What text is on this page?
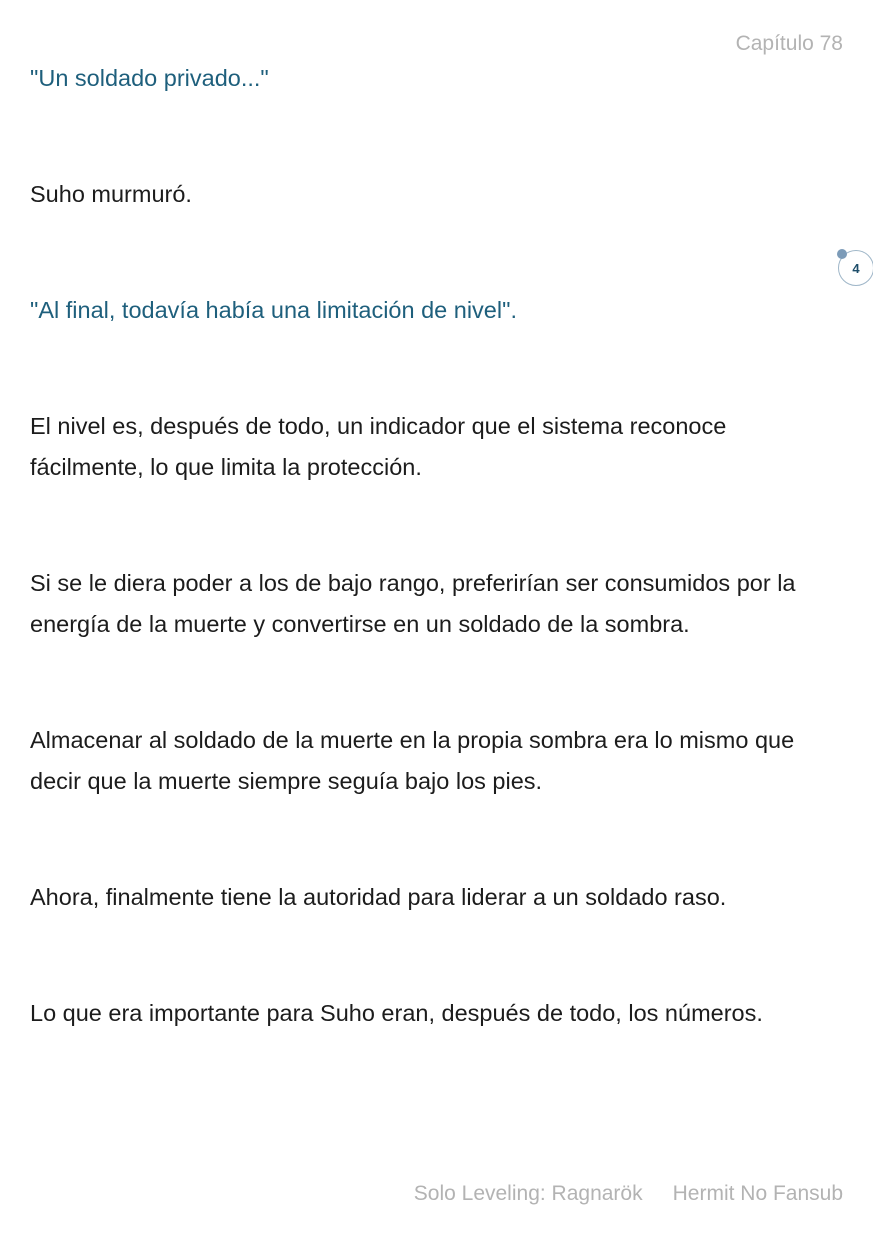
Capítulo 78

"Un soldado privado..."

Suho murmuró.

"Al final, todavía había una limitación de nivel".

El nivel es, después de todo, un indicador que el sistema reconoce fácilmente, lo que limita la protección.

Si se le diera poder a los de bajo rango, preferirían ser consumidos por la energía de la muerte y convertirse en un soldado de la sombra.

Almacenar al soldado de la muerte en la propia sombra era lo mismo que decir que la muerte siempre seguía bajo los pies.

Ahora, finalmente tiene la autoridad para liderar a un soldado raso.

Lo que era importante para Suho eran, después de todo, los números.

4
Solo Leveling: Ragnarök Hermit No Fansub
